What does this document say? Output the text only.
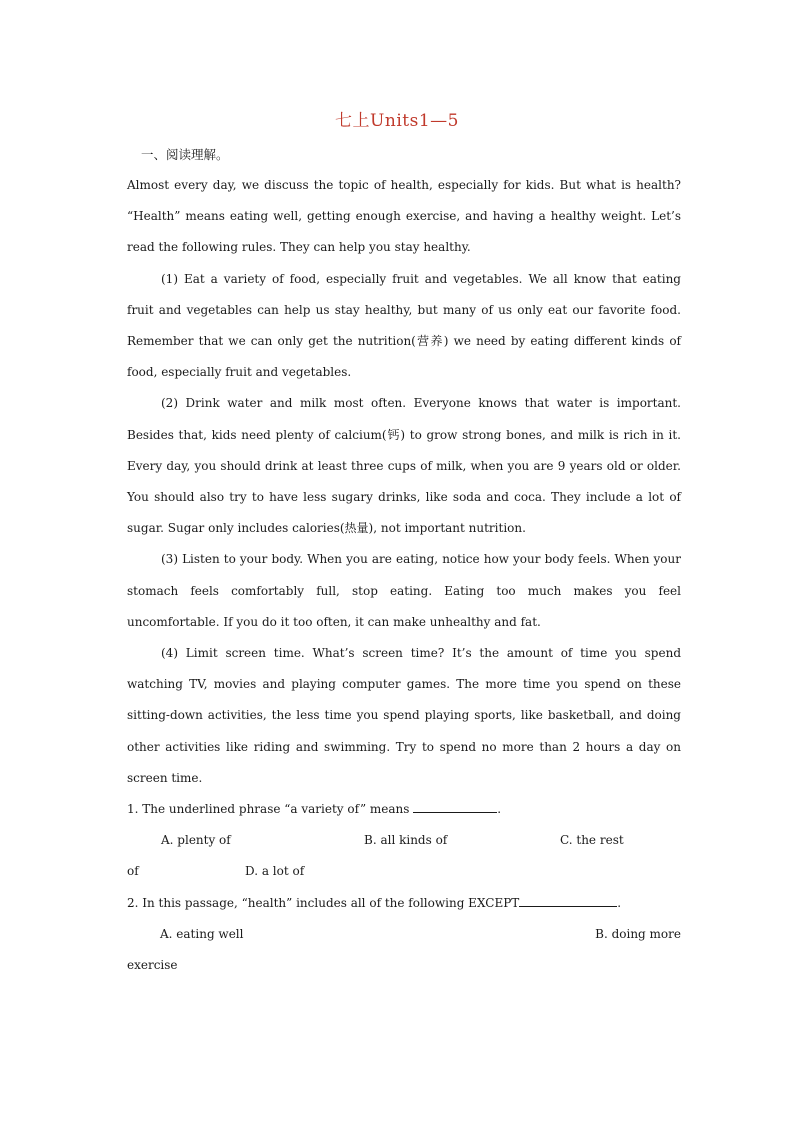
七上Units1—5
一、阅读理解。

Almost every day, we discuss the topic of health, especially for kids. But what is health? “Health” means eating well, getting enough exercise, and having a healthy weight. Let’s read the following rules. They can help you stay healthy.

(1) Eat a variety of food, especially fruit and vegetables. We all know that eating fruit and vegetables can help us stay healthy, but many of us only eat our favorite food. Remember that we can only get the nutrition(营养) we need by eating different kinds of food, especially fruit and vegetables.

(2) Drink water and milk most often. Everyone knows that water is important. Besides that, kids need plenty of calcium(钙) to grow strong bones, and milk is rich in it. Every day, you should drink at least three cups of milk, when you are 9 years old or older. You should also try to have less sugary drinks, like soda and coca. They include a lot of sugar. Sugar only includes calories(热量), not important nutrition.

(3) Listen to your body. When you are eating, notice how your body feels. When your stomach feels comfortably full, stop eating. Eating too much makes you feel uncomfortable. If you do it too often, it can make unhealthy and fat.

(4) Limit screen time. What’s screen time? It’s the amount of time you spend watching TV, movies and playing computer games. The more time you spend on these sitting-down activities, the less time you spend playing sports, like basketball, and doing other activities like riding and swimming. Try to spend no more than 2 hours a day on screen time.

1. The underlined phrase “a variety of” means	.

A. plenty of	B. all kinds of	C. the rest
of	D. a lot of

2. In this passage, “health” includes all of the following EXCEPT	.

A. eating well	B. doing more
exercise
